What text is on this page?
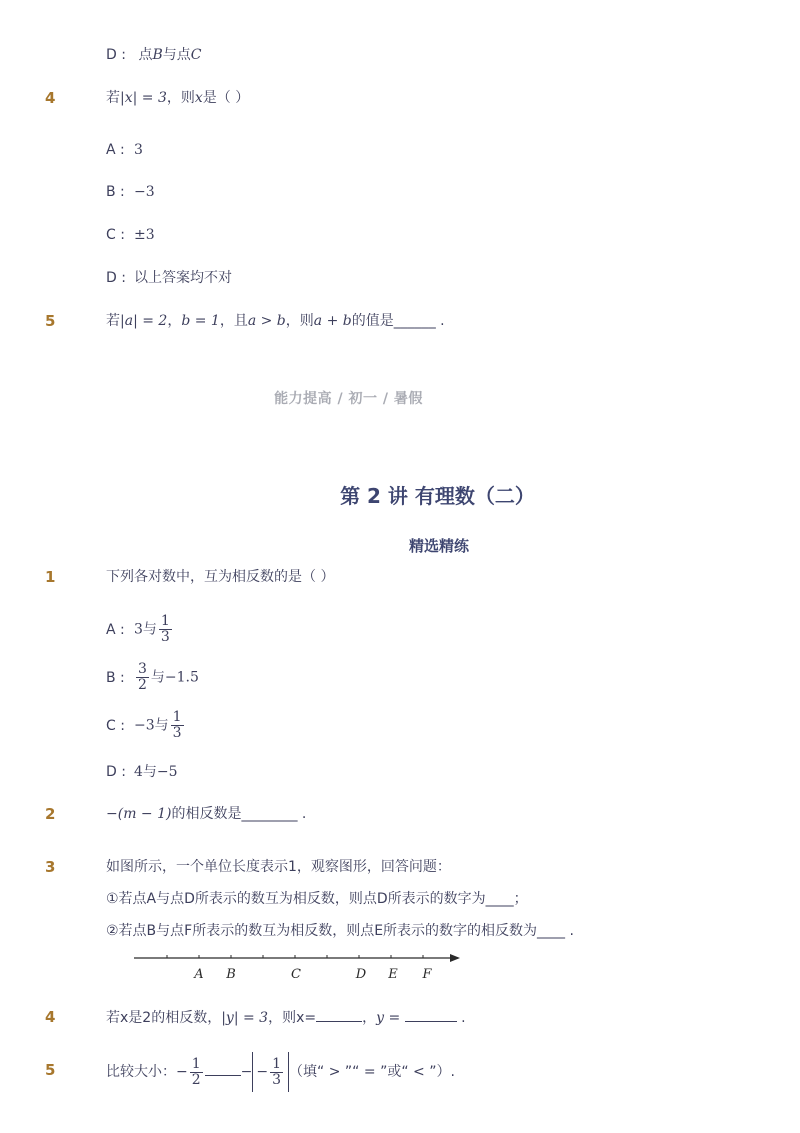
D : 点B与点C
4	若|x| = 3，则x是（ ）
A : 3
B : −3
C : ±3
D : 以上答案均不对
5	若|a| = 2，b = 1，且a > b，则a + b的值是______ .
能力提高 / 初一 / 暑假
第 2 讲 有理数（二）
精选精练
1	下列各对数中，互为相反数的是（ ）
A : 3与 $\frac{1}{3}$
B : $\frac{3}{2}$ 与−1.5
C : −3与 $\frac{1}{3}$
D : 4与−5
2	−(m − 1)的相反数是________ .
3	如图所示，一个单位长度表示1，观察图形，回答问题：
①若点A与点D所表示的数互为相反数，则点D所表示的数字为____；
②若点B与点F所表示的数互为相反数，则点E所表示的数字的相反数为____ .
A B	C	D E F
4	若x是2的相反数，|y| = 3，则x=	，y =	.
5	比较大小：− $\frac{1}{2}$	− − $\frac{1}{3}$ （填“ > ”“ = ”或“ < ”）.
